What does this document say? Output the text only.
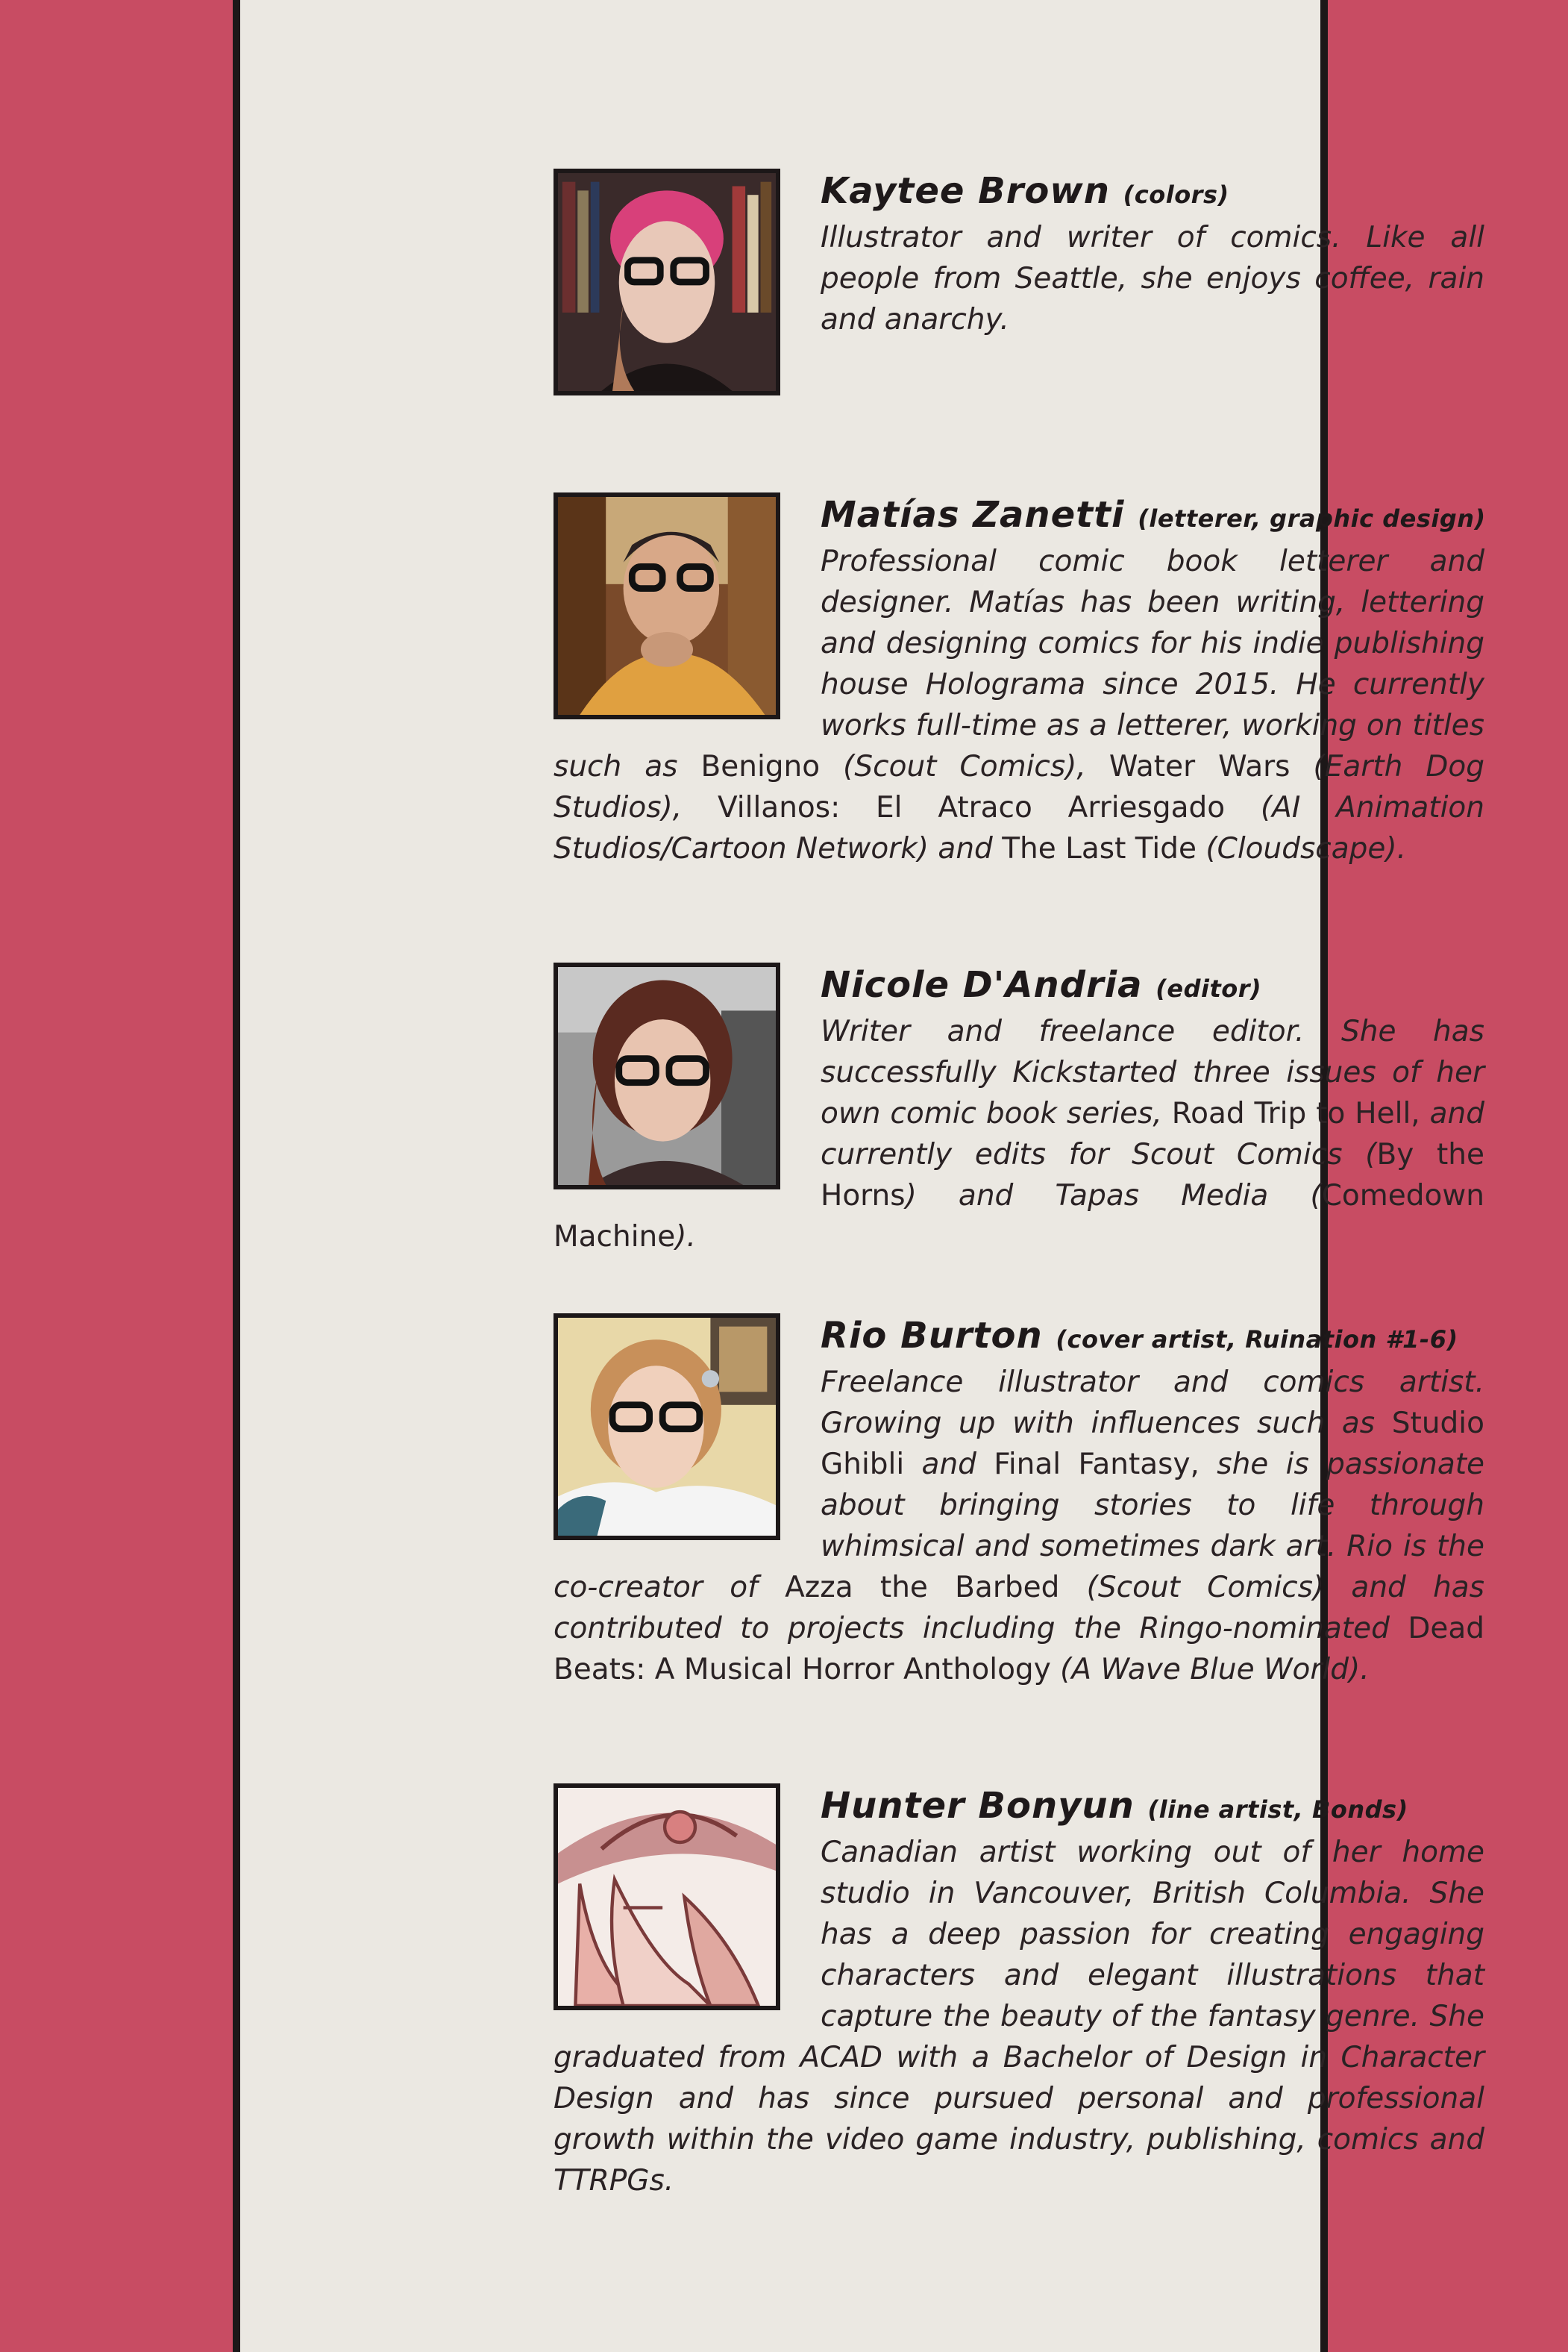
Kaytee Brown (colors)

Illustrator and writer of comics. Like all people from Seattle, she enjoys coffee, rain and anarchy.

Matías Zanetti (letterer, graphic design)

Professional comic book letterer and designer. Matías has been writing, lettering and designing comics for his indie publishing house Holograma since 2015. He currently works full-time as a letterer, working on titles such as Benigno (Scout Comics), Water Wars (Earth Dog Studios), Villanos: El Atraco Arriesgado (AI Animation Studios/Cartoon Network) and The Last Tide (Cloudscape).

Nicole D'Andria (editor)

Writer and freelance editor. She has successfully Kickstarted three issues of her own comic book series, Road Trip to Hell, and currently edits for Scout Comics (By the Horns) and Tapas Media (Comedown Machine).

Rio Burton (cover artist, Ruination #1-6)

Freelance illustrator and comics artist. Growing up with influences such as Studio Ghibli and Final Fantasy, she is passionate about bringing stories to life through whimsical and sometimes dark art. Rio is the co-creator of Azza the Barbed (Scout Comics) and has contributed to projects including the Ringo-nominated Dead Beats: A Musical Horror Anthology (A Wave Blue World).

Hunter Bonyun (line artist, Bonds)

Canadian artist working out of her home studio in Vancouver, British Columbia. She has a deep passion for creating engaging characters and elegant illustrations that capture the beauty of the fantasy genre. She graduated from ACAD with a Bachelor of Design in Character Design and has since pursued personal and professional growth within the video game industry, publishing, comics and TTRPGs.
